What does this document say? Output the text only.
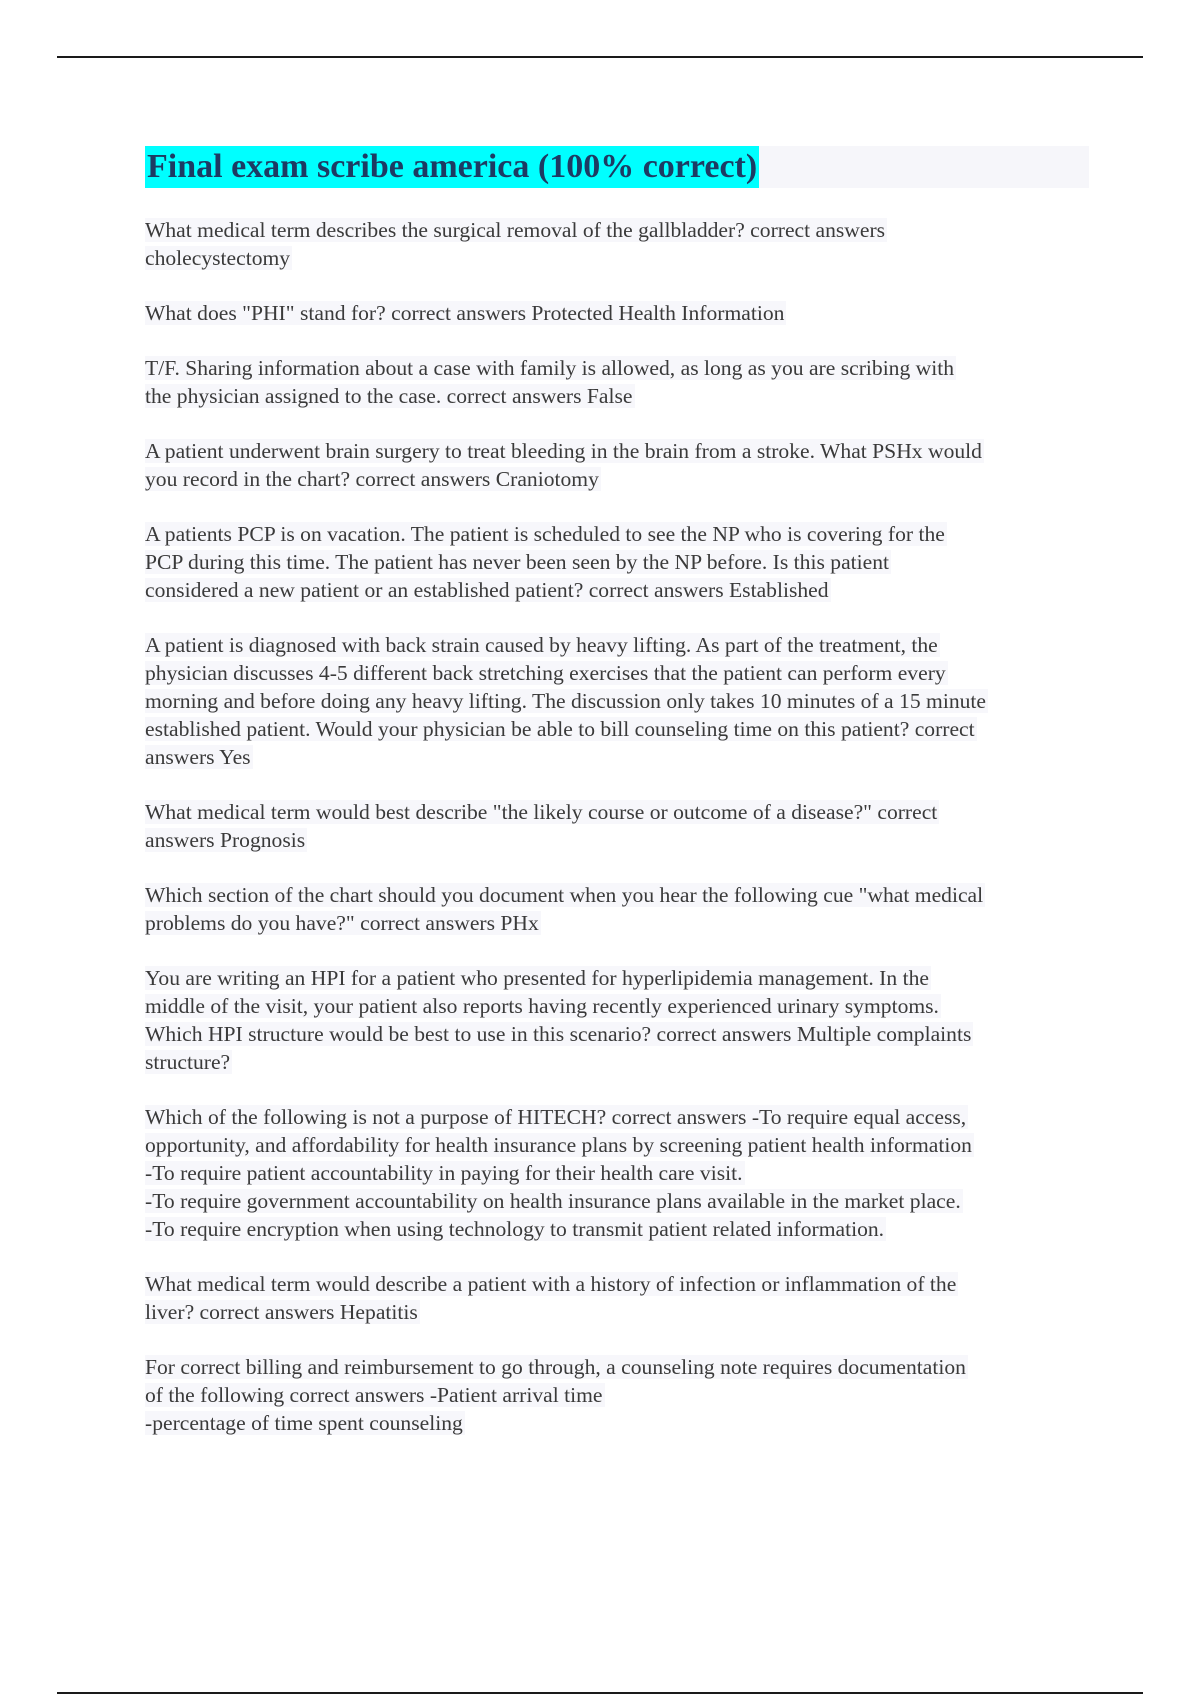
Final exam scribe america (100% correct)
What medical term describes the surgical removal of the gallbladder? correct answers
cholecystectomy
What does "PHI" stand for? correct answers Protected Health Information
T/F. Sharing information about a case with family is allowed, as long as you are scribing with
the physician assigned to the case. correct answers False
A patient underwent brain surgery to treat bleeding in the brain from a stroke. What PSHx would
you record in the chart? correct answers Craniotomy
A patients PCP is on vacation. The patient is scheduled to see the NP who is covering for the
PCP during this time. The patient has never been seen by the NP before. Is this patient
considered a new patient or an established patient? correct answers Established
A patient is diagnosed with back strain caused by heavy lifting. As part of the treatment, the
physician discusses 4-5 different back stretching exercises that the patient can perform every
morning and before doing any heavy lifting. The discussion only takes 10 minutes of a 15 minute
established patient. Would your physician be able to bill counseling time on this patient? correct
answers Yes
What medical term would best describe "the likely course or outcome of a disease?" correct
answers Prognosis
Which section of the chart should you document when you hear the following cue "what medical
problems do you have?" correct answers PHx
You are writing an HPI for a patient who presented for hyperlipidemia management. In the
middle of the visit, your patient also reports having recently experienced urinary symptoms.
Which HPI structure would be best to use in this scenario? correct answers Multiple complaints
structure?
Which of the following is not a purpose of HITECH? correct answers -To require equal access,
opportunity, and affordability for health insurance plans by screening patient health information
-To require patient accountability in paying for their health care visit.
-To require government accountability on health insurance plans available in the market place.
-To require encryption when using technology to transmit patient related information.
What medical term would describe a patient with a history of infection or inflammation of the
liver? correct answers Hepatitis
For correct billing and reimbursement to go through, a counseling note requires documentation
of the following correct answers -Patient arrival time
-percentage of time spent counseling
